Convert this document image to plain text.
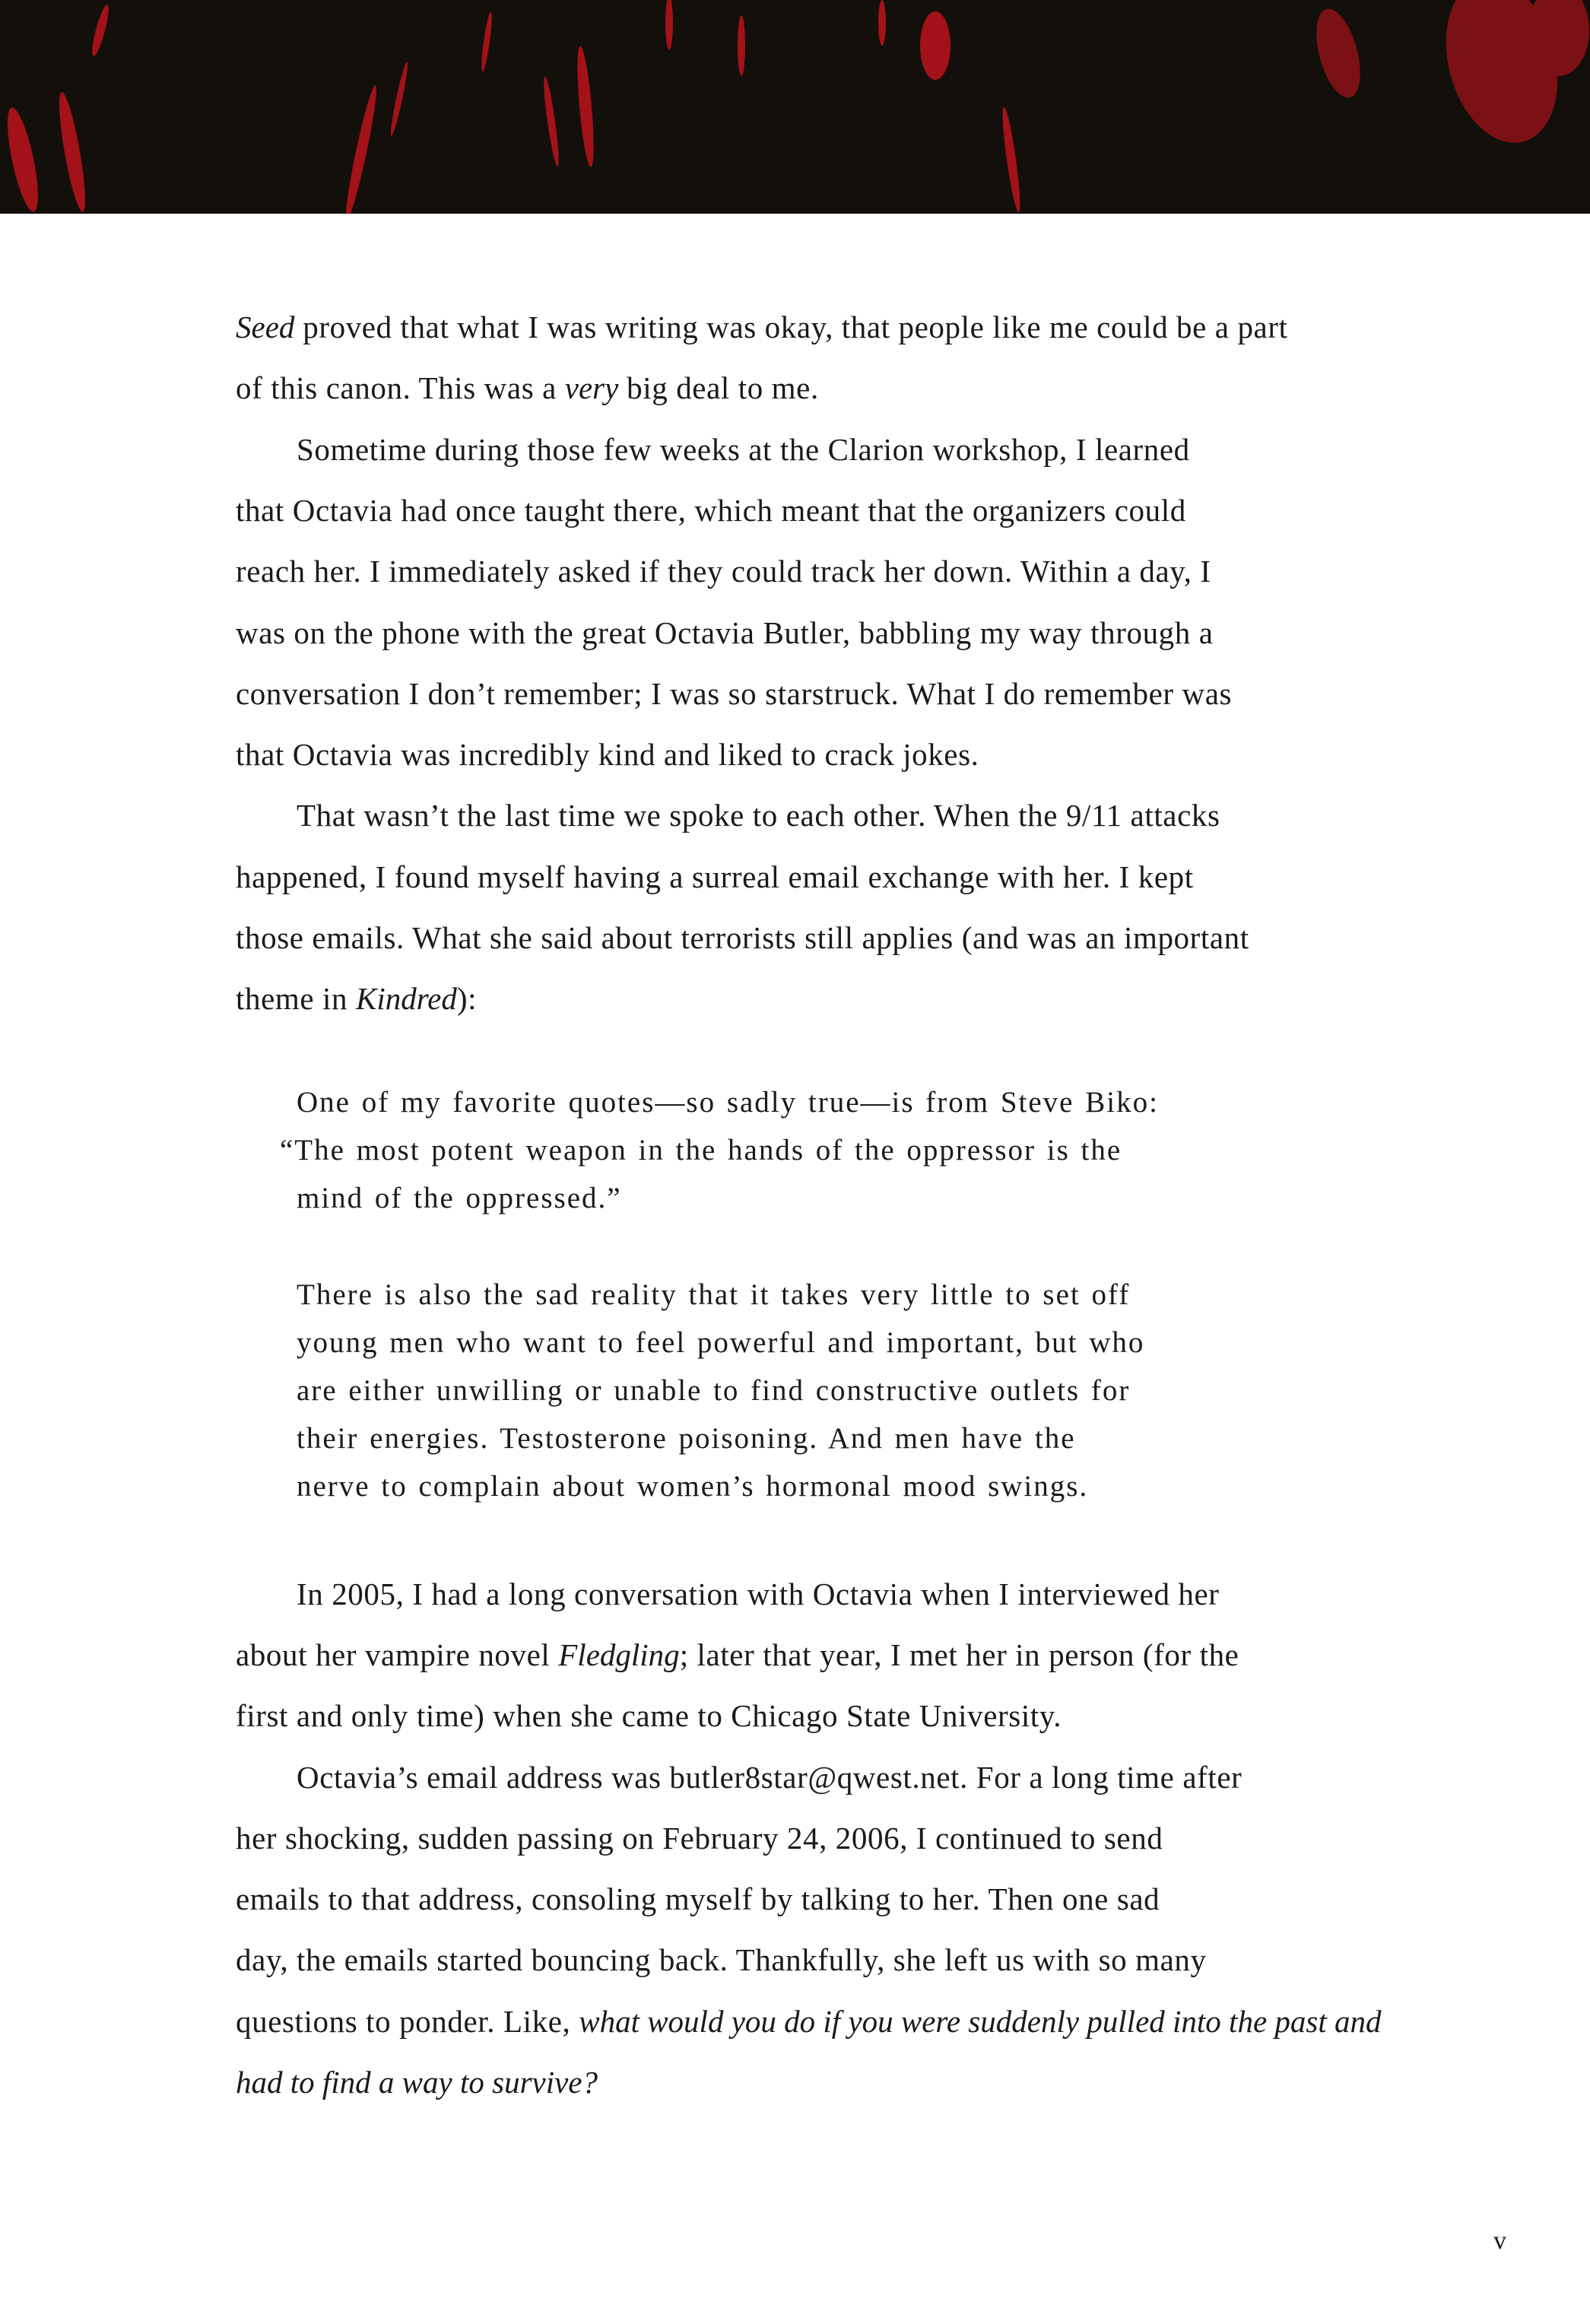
Seed proved that what I was writing was okay, that people like me could be a part
of this canon. This was a very big deal to me.
Sometime during those few weeks at the Clarion workshop, I learned
that Octavia had once taught there, which meant that the organizers could
reach her. I immediately asked if they could track her down. Within a day, I
was on the phone with the great Octavia Butler, babbling my way through a
conversation I don’t remember; I was so starstruck. What I do remember was
that Octavia was incredibly kind and liked to crack jokes.
That wasn’t the last time we spoke to each other. When the 9/11 attacks
happened, I found myself having a surreal email exchange with her. I kept
those emails. What she said about terrorists still applies (and was an important
theme in Kindred):
One of my favorite quotes—so sadly true—is from Steve Biko:
“The most potent weapon in the hands of the oppressor is the
mind of the oppressed.”
There is also the sad reality that it takes very little to set off
young men who want to feel powerful and important, but who
are either unwilling or unable to find constructive outlets for
their energies. Testosterone poisoning. And men have the
nerve to complain about women’s hormonal mood swings.
In 2005, I had a long conversation with Octavia when I interviewed her
about her vampire novel Fledgling; later that year, I met her in person (for the
first and only time) when she came to Chicago State University.
Octavia’s email address was butler8star@qwest.net. For a long time after
her shocking, sudden passing on February 24, 2006, I continued to send
emails to that address, consoling myself by talking to her. Then one sad
day, the emails started bouncing back. Thankfully, she left us with so many
questions to ponder. Like, what would you do if you were suddenly pulled into the past and
had to find a way to survive?
v
